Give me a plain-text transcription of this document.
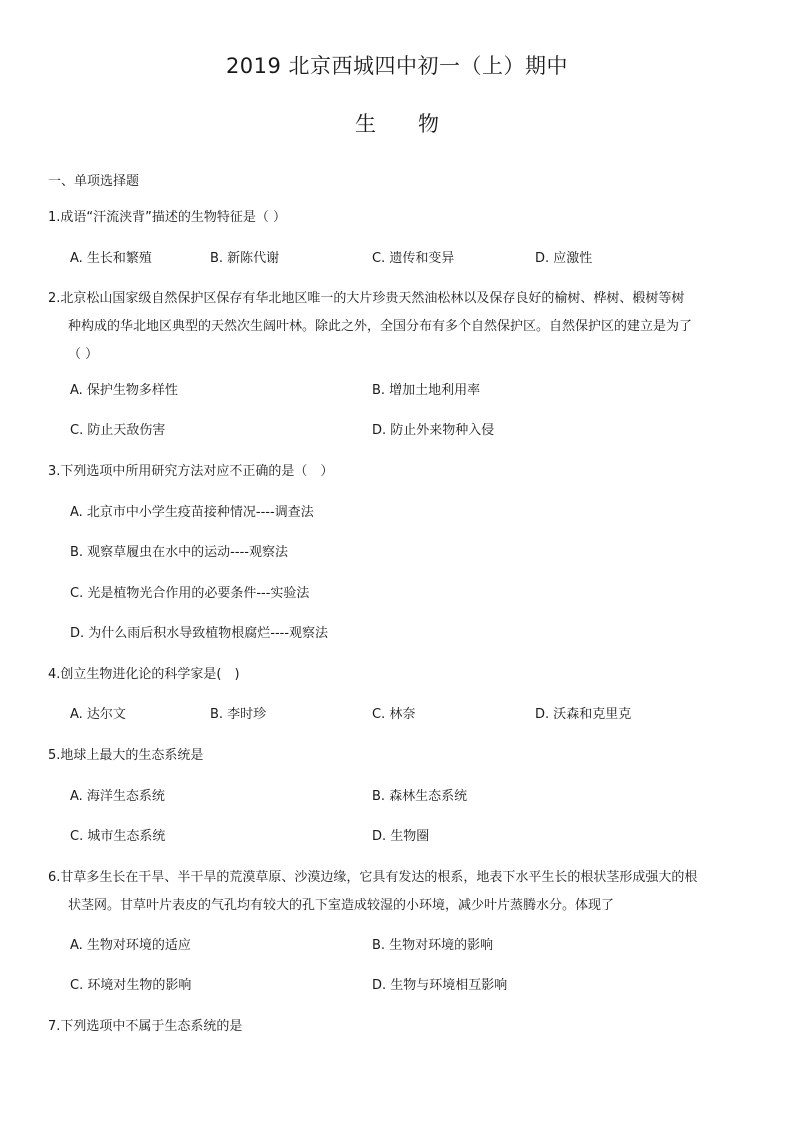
2019 北京西城四中初一（上）期中
生　　物
一、单项选择题
1.成语“汗流浃背”描述的生物特征是（ ）
A. 生长和繁殖	B. 新陈代谢	C. 遗传和变异	D. 应激性
2.北京松山国家级自然保护区保存有华北地区唯一的大片珍贵天然油松林以及保存良好的榆树、桦树、椴树等树
种构成的华北地区典型的天然次生阔叶林。除此之外，全国分布有多个自然保护区。自然保护区的建立是为了
（ ）
A. 保护生物多样性	B. 增加土地利用率
C. 防止天敌伤害	D. 防止外来物种入侵
3.下列选项中所用研究方法对应不正确的是（　）
A. 北京市中小学生疫苗接种情况----调查法
B. 观察草履虫在水中的运动----观察法
C. 光是植物光合作用的必要条件---实验法
D. 为什么雨后积水导致植物根腐烂----观察法
4.创立生物进化论的科学家是(　)
A. 达尔文	B. 李时珍	C. 林奈	D. 沃森和克里克
5.地球上最大的生态系统是
A. 海洋生态系统	B. 森林生态系统
C. 城市生态系统	D. 生物圈
6.甘草多生长在干旱、半干旱的荒漠草原、沙漠边缘，它具有发达的根系，地表下水平生长的根状茎形成强大的根
状茎网。甘草叶片表皮的气孔均有较大的孔下室造成较湿的小环境，减少叶片蒸腾水分。体现了
A. 生物对环境的适应	B. 生物对环境的影响
C. 环境对生物的影响	D. 生物与环境相互影响
7.下列选项中不属于生态系统的是
